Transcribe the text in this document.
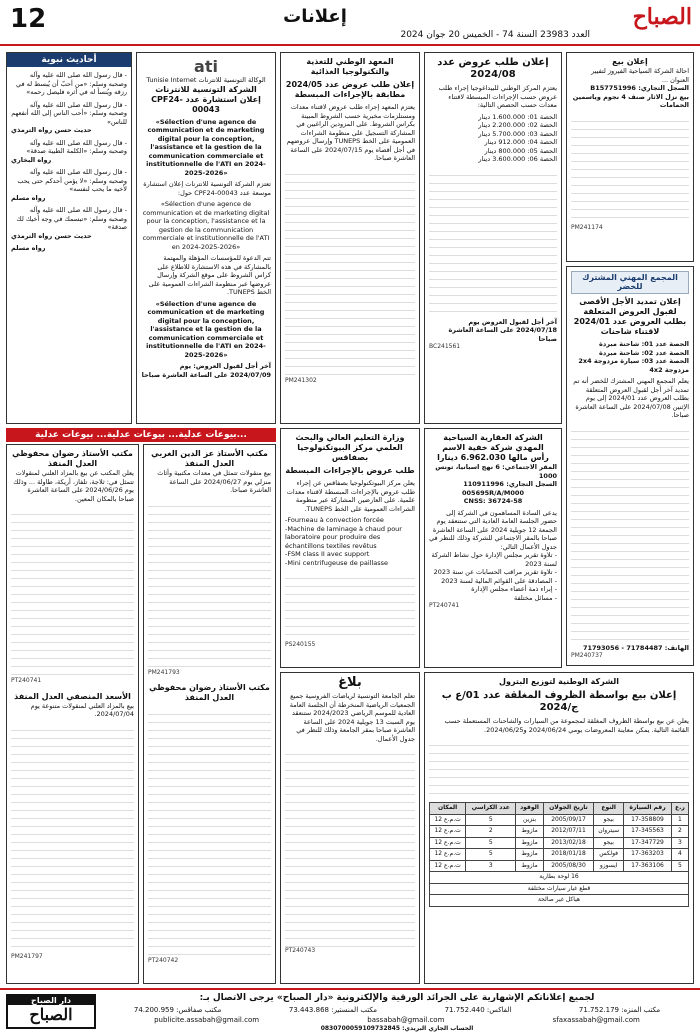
12	إعلانات	الصباح
العدد 23983 السنة 74 - الخميس 20 جوان 2024
أحاديث نبوية
- قال رسول الله صلى الله عليه وآله وصحبه وسلم: «من أحبّ أن يُبسط له في رزقه ويُنسأ له في أثره فليصل رحمه»
- قال رسول الله صلى الله عليه وآله وصحبه وسلم: «أحب الناس إلى الله أنفعهم للناس»
حديث حسن رواه الترمذي
- قال رسول الله صلى الله عليه وآله وصحبه وسلم: «الكلمة الطيبة صدقة»
رواه البخاري
- قال رسول الله صلى الله عليه وآله وصحبه وسلم: «لا يؤمن أحدكم حتى يحب لأخيه ما يحب لنفسه»
رواه مسلم
- قال رسول الله صلى الله عليه وآله وصحبه وسلم: «تبسمك في وجه أخيك لك صدقة»
حديث حسن رواه الترمذي
رواه مسلم
ati
الوكالة التونسية للانترنات Tunisie Internet
الشركة التونسية للانترنات
إعلان استشارة عدد CPF24-00043
«Sélection d'une agence de communication et de marketing digital pour la conception, l'assistance et la gestion de la communication commerciale et institutionnelle de l'ATI en 2024-2025-2026»
تعتزم الشركة التونسية للانترنات إعلان استشارة موسعة عدد CPF24-00043 حول:
«Sélection d'une agence de communication et de marketing digital pour la conception, l'assistance et la gestion de la communication commerciale et institutionnelle de l'ATI en 2024-2025-2026»
تتم الدعوة للمؤسسات المؤهلة والمهتمة بالمشاركة في هذه الاستشارة للاطلاع على كراس الشروط على موقع الشركة وإرسال عروضها عبر منظومة الشراءات العمومية على الخط TUNEPS.
«Sélection d'une agence de communication et de marketing digital pour la conception, l'assistance et la gestion de la communication commerciale et institutionnelle de l'ATI en 2024-2025-2026»
آخر أجل لقبول العروض: يوم 2024/07/09 على الساعة العاشرة صباحا
المعهد الوطني للتغذية والتكنولوجيا الغذائية
إعلان طلب عروض عدد 2024/05 مطابقة بالإجراءات المبسطة
يعتزم المعهد إجراء طلب عروض لاقتناء معدات ومستلزمات مخبرية حسب الشروط المبينة بكراس الشروط. على المزودين الراغبين في المشاركة التسجيل على منظومة الشراءات العمومية على الخط TUNEPS وإرسال عروضهم في أجل أقصاه يوم 2024/07/15 على الساعة العاشرة صباحا.
PM241302
إعلان طلب عروض عدد 2024/08
يعتزم المركز الوطني للبيداغوجيا إجراء طلب عروض حسب الإجراءات المبسطة لاقتناء معدات حسب الحصص التالية:
الحصة 01: 1.600.000 دينار
الحصة 02: 2.200.000 دينار
الحصة 03: 5.700.000 دينار
الحصة 04: 912.000 دينار
الحصة 05: 800.000 دينار
الحصة 06: 3.600.000 دينار
آخر أجل لقبول العروض يوم 2024/07/18 على الساعة العاشرة صباحا
BC241561
إعلان بيع
احالة الشركة السياحية الفيروز لتفيير العنوان ...
السجل التجاري: B157751996
بيع نزل الاثار صنف 4 نجوم وياسمين الحمامات
PM241174
المجمع المهني المشترك للخضر
إعلان تمديد الأجل الأقصى لقبول العروض المتعلقة بطلب العروض عدد 2024/01 لاقتناء شاحنات
الحصة عدد 01: شاحنة مبردة
الحصة عدد 02: شاحنة مبردة
الحصة عدد 03: سيارة مزدوجة 2x4 مزدوجة 4x2
يعلم المجمع المهني المشترك للخضر أنه تم تمديد آخر أجل لقبول العروض المتعلقة بطلب العروض عدد 2024/01 إلى يوم الإثنين 2024/07/08 على الساعة العاشرة صباحا.
الهاتف: 71784487 - 71793056
PM240737
بيوعات عدلية... بيوعات عدلية... بيوعات عدلية...
مكتب الأستاذ رضوان محفوظي العدل المنفذ
يعلن المكتب عن بيع بالمزاد العلني لمنقولات تتمثل في: ثلاجة، تلفاز، أريكة، طاولة ... وذلك يوم 2024/06/26 على الساعة العاشرة صباحا بالمكان المعين.
PT240741
الأسعد المنصفي العدل المنفذ
بيع بالمزاد العلني لمنقولات متنوعة يوم 2024/07/04.
PM241797
مكتب الأستاذ عز الدين الغربي العدل المنفذ
بيع منقولات تتمثل في معدات مكتبية وأثاث منزلي يوم 2024/06/27 على الساعة العاشرة صباحا.
PM241793
مكتب الأستاذ رضوان محفوظي العدل المنفذ
PT240742
الشركة العقارية السياحية المهدي شركة خفية الاسم
رأس مالها 6.962.030 دينارا
المقر الاجتماعي: 6 نهج اسبانيا، تونس 1000
السجل التجاري: 110911996
005695R/A/M000
CNSS: 36724-58
يدعى السادة المساهمون في الشركة إلى حضور الجلسة العامة العادية التي ستنعقد يوم الجمعة 12 جويلية 2024 على الساعة العاشرة صباحا بالمقر الاجتماعي للشركة وذلك للنظر في جدول الأعمال التالي:
- تلاوة تقرير مجلس الإدارة حول نشاط الشركة لسنة 2023
- تلاوة تقرير مراقب الحسابات عن سنة 2023
- المصادقة على القوائم المالية لسنة 2023
- إبراء ذمة أعضاء مجلس الإدارة
- مسائل مختلفة
PT240741
وزارة التعليم العالي والبحث العلمي مركز البيوتكنولوجيا بصفاقس
طلب عروض بالإجراءات المبسطة
يعلن مركز البيوتكنولوجيا بصفاقس عن إجراء طلب عروض بالإجراءات المبسطة لاقتناء معدات علمية. على العارضين المشاركة عبر منظومة الشراءات العمومية على الخط TUNEPS.
-Fourneau à convection forcée
-Machine de laminage à chaud pour laboratoire pour produire des échantillons textiles revêtus
-FSM class II avec support
-Mini centrifugeuse de paillasse
PS240155
بلاغ
تعلم الجامعة التونسية لرياضات الفروسية جميع الجمعيات الرياضية المنخرطة أن الجلسة العامة العادية للموسم الرياضي 2024/2023 ستنعقد يوم السبت 13 جويلية 2024 على الساعة العاشرة صباحا بمقر الجامعة وذلك للنظر في جدول الأعمال.
PT240743
الشركة الوطنية لتوزيع البترول
إعلان بيع بواسطة الظروف المغلقة عدد 01/ع ب ج/2024
يعلن عن بيع بواسطة الظروف المغلقة لمجموعة من السيارات والشاحنات المستعملة حسب القائمة التالية. يمكن معاينة المعروضات يومي 2024/06/24 و2024/06/25.
ر.ع	رقم السيارة	النوع	تاريخ الجولان	الوقود	عدد الكراسي	المكان
1	17-358809	بيجو	2005/09/17	بنزين	5	ت.م.ع 12
2	17-345563	سيتروان	2012/07/11	مازوط	2	ت.م.ع 12
3	17-347729	بيجو	2013/02/18	مازوط	5	ت.م.ع 12
4	17-363203	فولكس	2018/01/18	مازوط	5	ت.م.ع 12
5	17-363106	ايسوزو	2005/08/30	مازوط	3	ت.م.ع 12
16 لوحة بطارية						
قطع غيار سيارات مختلفة						
هياكل غير صالحة						
دار الصباح
الصباح
لجميع إعلاناتكم الإشهارية على الجرائد الورقية والإلكترونية «دار الصباح» يرجى الاتصال بـ:
مكتب المنزه: 71.752.179
الفاكس: 71.752.440
مكتب المنستير: 73.443.868
مكتب صفاقس: 74.200.959
publicite.assabah@gmail.com	bassabah@gmail.com	sfaxassabah@gmail.com
الحساب الجاري البريدي: 0830700059109732845
